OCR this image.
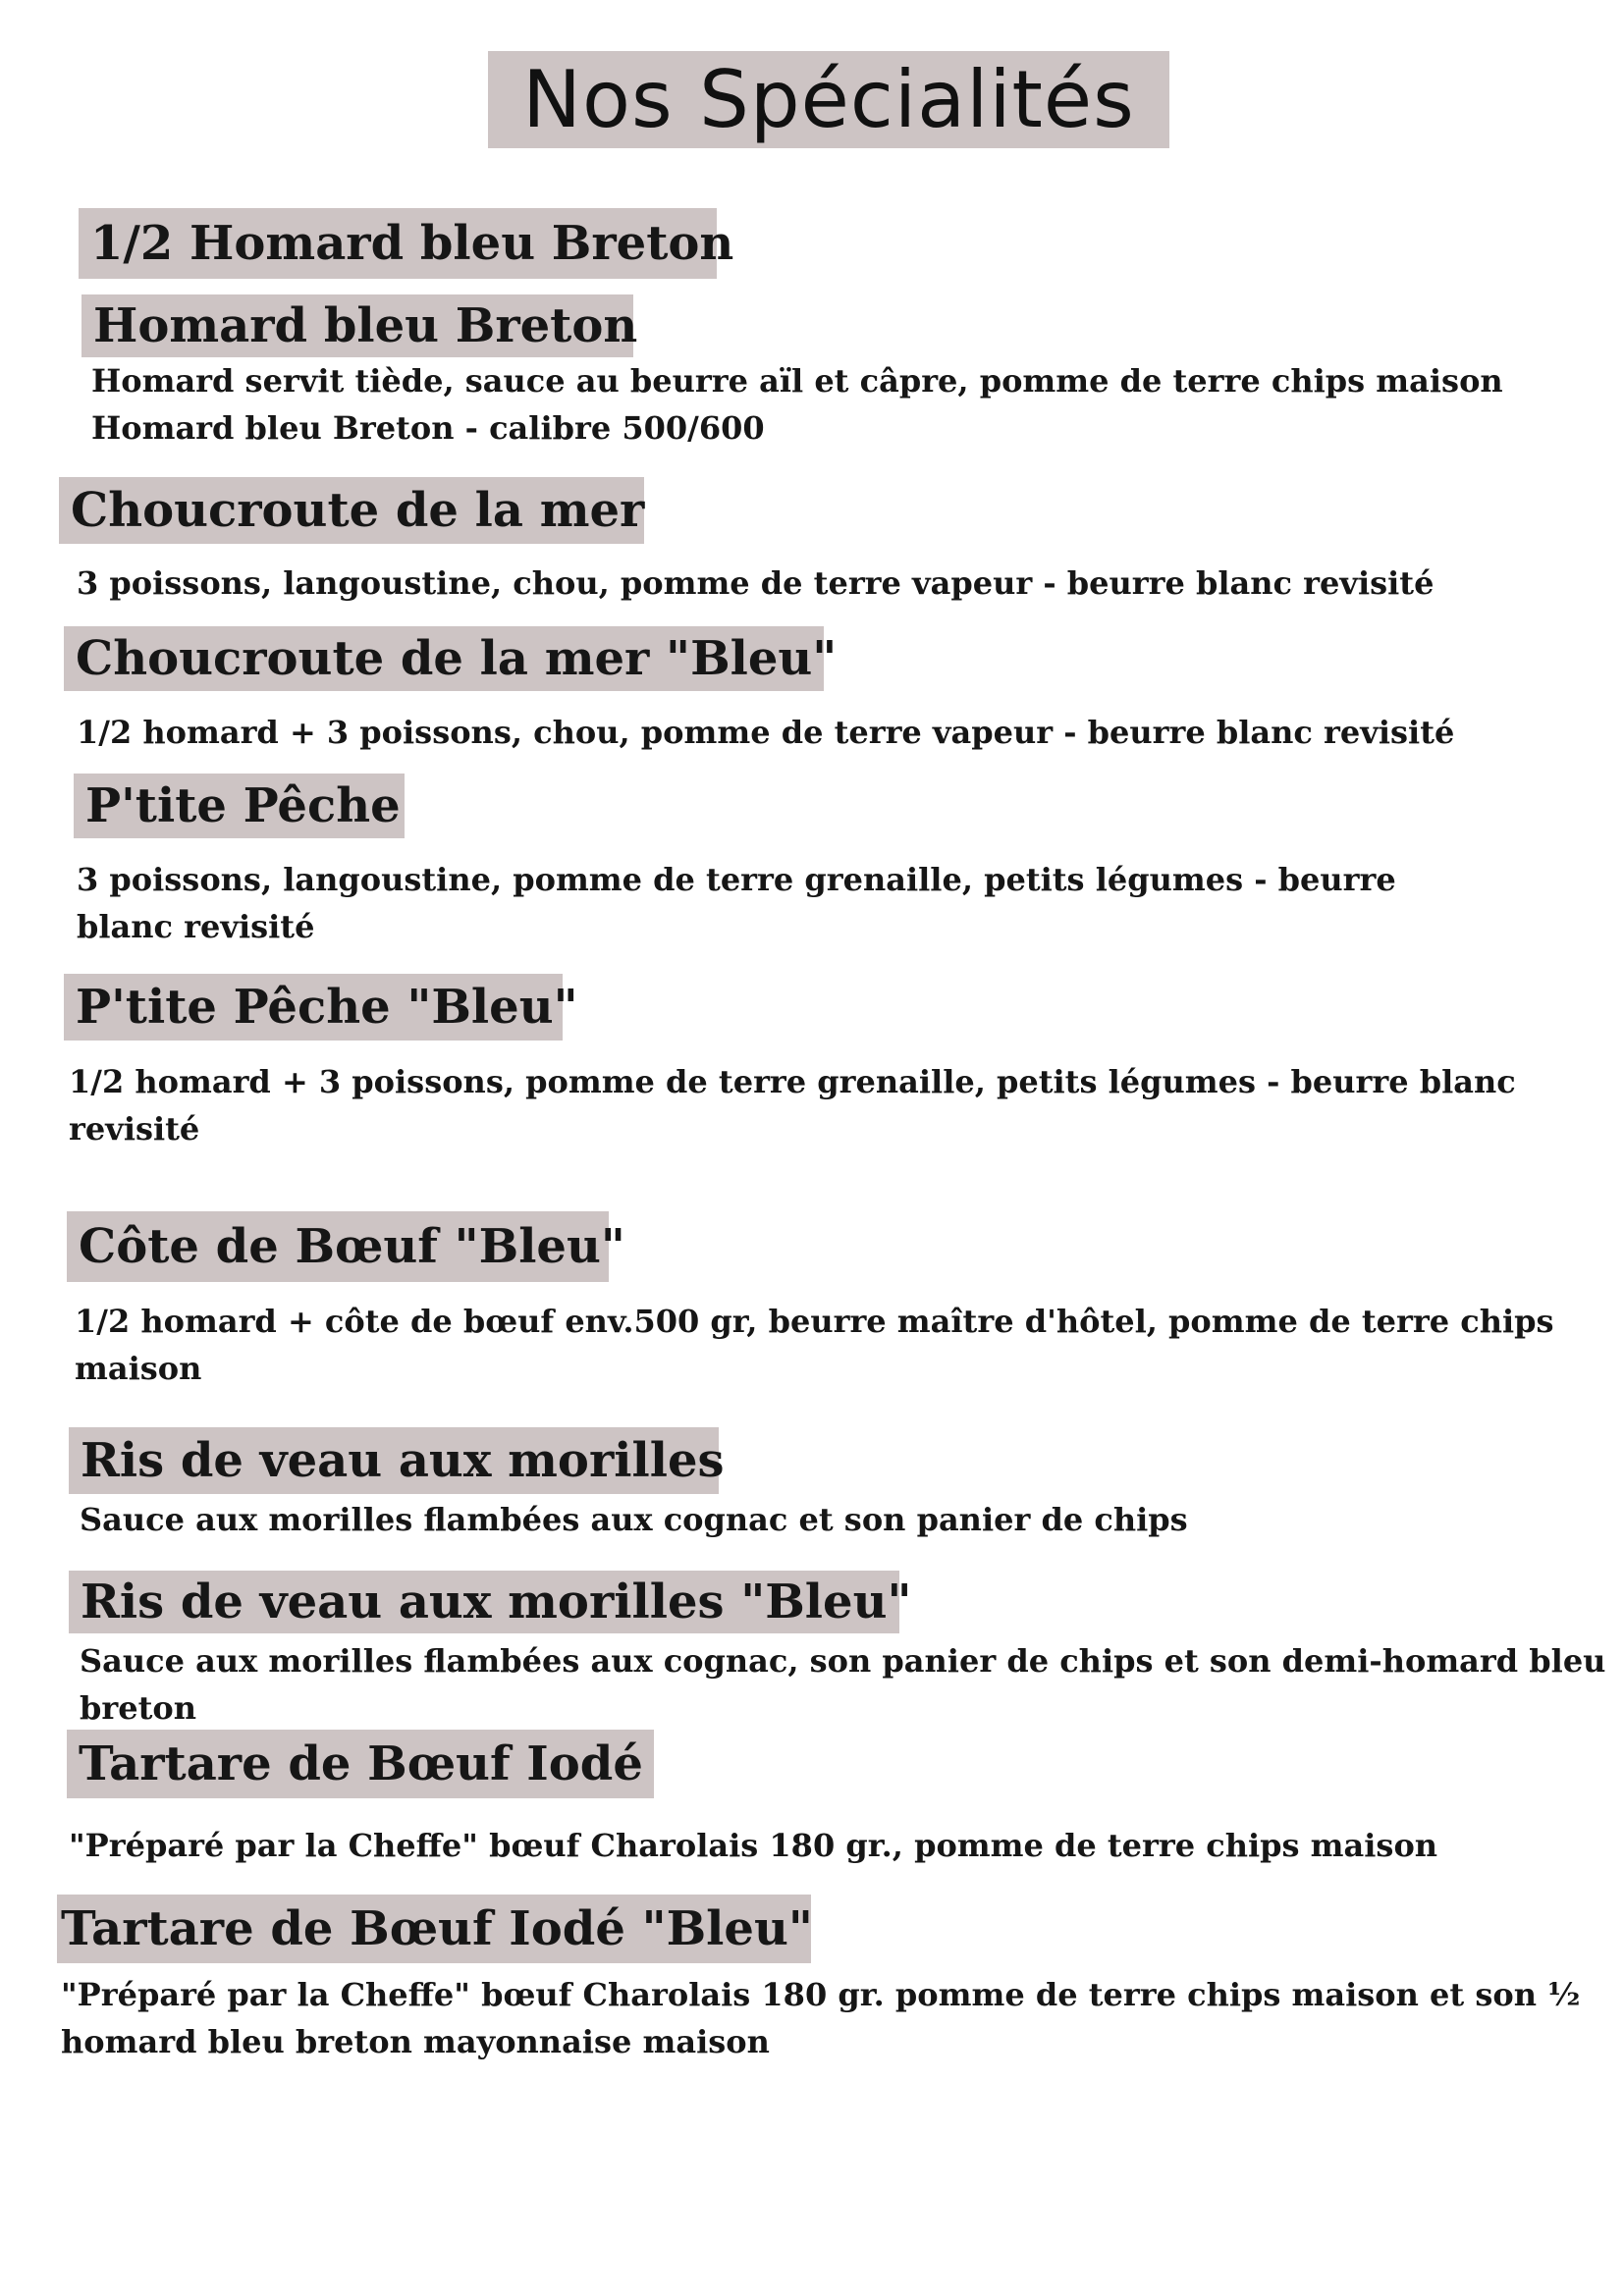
Nos Spécialités
1/2 Homard bleu Breton
Homard bleu Breton
Homard servit tiède, sauce au beurre aïl et câpre, pomme de terre chips maison
Homard bleu Breton - calibre 500/600
Choucroute de la mer
3 poissons, langoustine, chou, pomme de terre vapeur - beurre blanc revisité
Choucroute de la mer "Bleu"
1/2 homard + 3 poissons, chou, pomme de terre vapeur - beurre blanc revisité
P'tite Pêche
3 poissons, langoustine, pomme de terre grenaille, petits légumes - beurre
blanc revisité
P'tite Pêche "Bleu"
1/2 homard + 3 poissons, pomme de terre grenaille, petits légumes - beurre blanc
revisité
Côte de Bœuf "Bleu"
1/2 homard + côte de bœuf env.500 gr, beurre maître d'hôtel, pomme de terre chips
maison
Ris de veau aux morilles
Sauce aux morilles flambées aux cognac et son panier de chips
Ris de veau aux morilles "Bleu"
Sauce aux morilles flambées aux cognac, son panier de chips et son demi-homard bleu
breton
Tartare de Bœuf Iodé
"Préparé par la Cheffe" bœuf Charolais 180 gr., pomme de terre chips maison
Tartare de Bœuf Iodé "Bleu"
"Préparé par la Cheffe" bœuf Charolais 180 gr. pomme de terre chips maison et son ½
homard bleu breton mayonnaise maison
